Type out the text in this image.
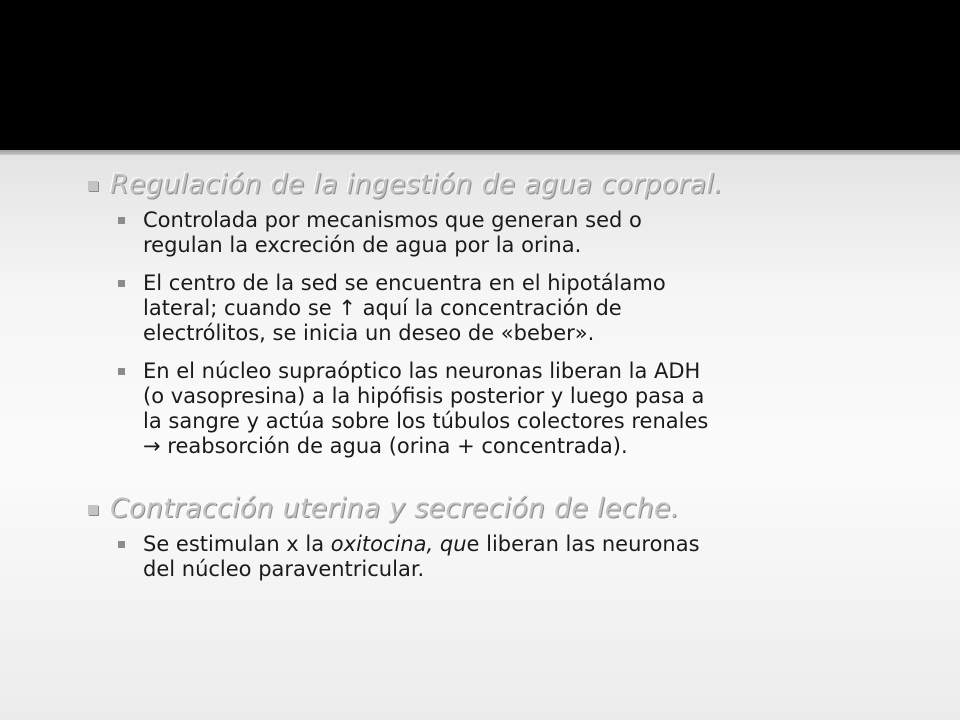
Regulación de la ingestión de agua corporal.
Controlada por mecanismos que generan sed o
regulan la excreción de agua por la orina.
El centro de la sed se encuentra en el hipotálamo
lateral; cuando se ↑ aquí la concentración de
electrólitos, se inicia un deseo de «beber».
En el núcleo supraóptico las neuronas liberan la ADH
(o vasopresina) a la hipófisis posterior y luego pasa a
la sangre y actúa sobre los túbulos colectores renales
→ reabsorción de agua (orina + concentrada).
Contracción uterina y secreción de leche.
Se estimulan x la oxitocina, que liberan las neuronas
del núcleo paraventricular.
